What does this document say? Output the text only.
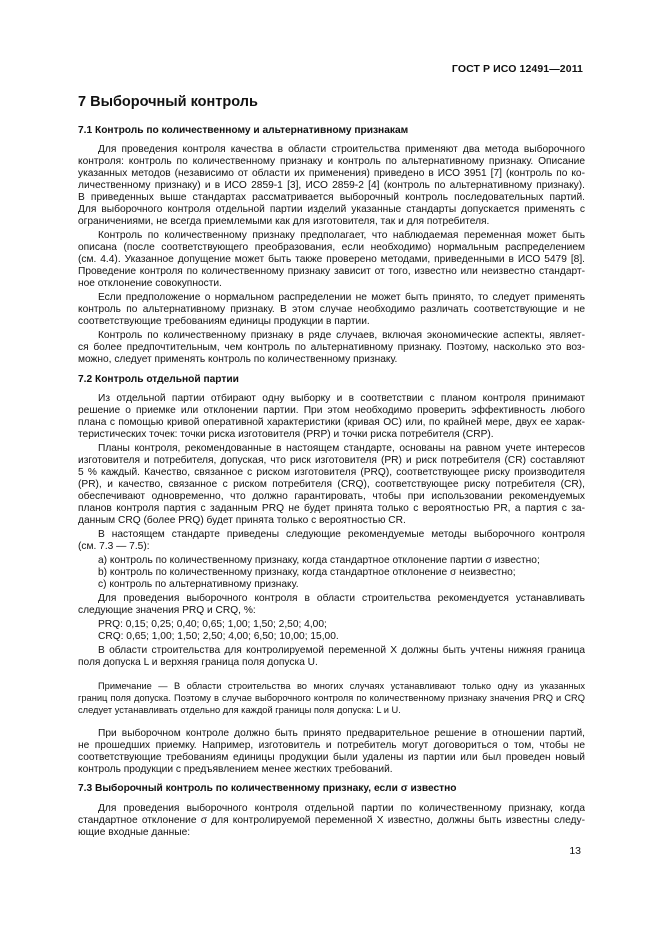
ГОСТ Р ИСО 12491—2011
7 Выборочный контроль
7.1 Контроль по количественному и альтернативному признакам
Для проведения контроля качества в области строительства применяют два метода выборочного
контроля: контроль по количественному признаку и контроль по альтернативному признаку. Описание
указанных методов (независимо от области их применения) приведено в ИСО 3951 [7] (контроль по ко-
личественному признаку) и в ИСО 2859-1 [3], ИСО 2859-2 [4] (контроль по альтернативному признаку).
В приведенных выше стандартах рассматривается выборочный контроль последовательных партий.
Для выборочного контроля отдельной партии изделий указанные стандарты допускается применять с
ограничениями, не всегда приемлемыми как для изготовителя, так и для потребителя.
Контроль по количественному признаку предполагает, что наблюдаемая переменная может быть
описана (после соответствующего преобразования, если необходимо) нормальным распределением
(см. 4.4). Указанное допущение может быть также проверено методами, приведенными в ИСО 5479 [8].
Проведение контроля по количественному признаку зависит от того, известно или неизвестно стандарт-
ное отклонение совокупности.
Если предположение о нормальном распределении не может быть принято, то следует применять
контроль по альтернативному признаку. В этом случае необходимо различать соответствующие и не
соответствующие требованиям единицы продукции в партии.
Контроль по количественному признаку в ряде случаев, включая экономические аспекты, являет-
ся более предпочтительным, чем контроль по альтернативному признаку. Поэтому, насколько это воз-
можно, следует применять контроль по количественному признаку.
7.2 Контроль отдельной партии
Из отдельной партии отбирают одну выборку и в соответствии с планом контроля принимают
решение о приемке или отклонении партии. При этом необходимо проверить эффективность любого
плана с помощью кривой оперативной характеристики (кривая ОС) или, по крайней мере, двух ее харак-
теристических точек: точки риска изготовителя (PRP) и точки риска потребителя (CRP).
Планы контроля, рекомендованные в настоящем стандарте, основаны на равном учете интересов
изготовителя и потребителя, допуская, что риск изготовителя (PR) и риск потребителя (CR) составляют
5 % каждый. Качество, связанное с риском изготовителя (PRQ), соответствующее риску производителя
(PR), и качество, связанное с риском потребителя (CRQ), соответствующее риску потребителя (CR),
обеспечивают одновременно, что должно гарантировать, чтобы при использовании рекомендуемых
планов контроля партия с заданным PRQ не будет принята только с вероятностью PR, а партия с за-
данным CRQ (более PRQ) будет принята только с вероятностью CR.
В настоящем стандарте приведены следующие рекомендуемые методы выборочного контроля
(см. 7.3 — 7.5):
a) контроль по количественному признаку, когда стандартное отклонение партии σ известно;
b) контроль по количественному признаку, когда стандартное отклонение σ неизвестно;
c) контроль по альтернативному признаку.
Для проведения выборочного контроля в области строительства рекомендуется устанавливать
следующие значения PRQ и CRQ, %:
PRQ: 0,15; 0,25; 0,40; 0,65; 1,00; 1,50; 2,50; 4,00;
CRQ: 0,65; 1,00; 1,50; 2,50; 4,00; 6,50; 10,00; 15,00.
В области строительства для контролируемой переменной X должны быть учтены нижняя граница
поля допуска L и верхняя граница поля допуска U.
Примечание — В области строительства во многих случаях устанавливают только одну из указанных
границ поля допуска. Поэтому в случае выборочного контроля по количественному признаку значения PRQ и CRQ
следует устанавливать отдельно для каждой границы поля допуска: L и U.
При выборочном контроле должно быть принято предварительное решение в отношении партий,
не прошедших приемку. Например, изготовитель и потребитель могут договориться о том, чтобы не
соответствующие требованиям единицы продукции были удалены из партии или был проведен новый
контроль продукции с предъявлением менее жестких требований.
7.3 Выборочный контроль по количественному признаку, если σ известно
Для проведения выборочного контроля отдельной партии по количественному признаку, когда
стандартное отклонение σ для контролируемой переменной X известно, должны быть известны следу-
ющие входные данные:
13
